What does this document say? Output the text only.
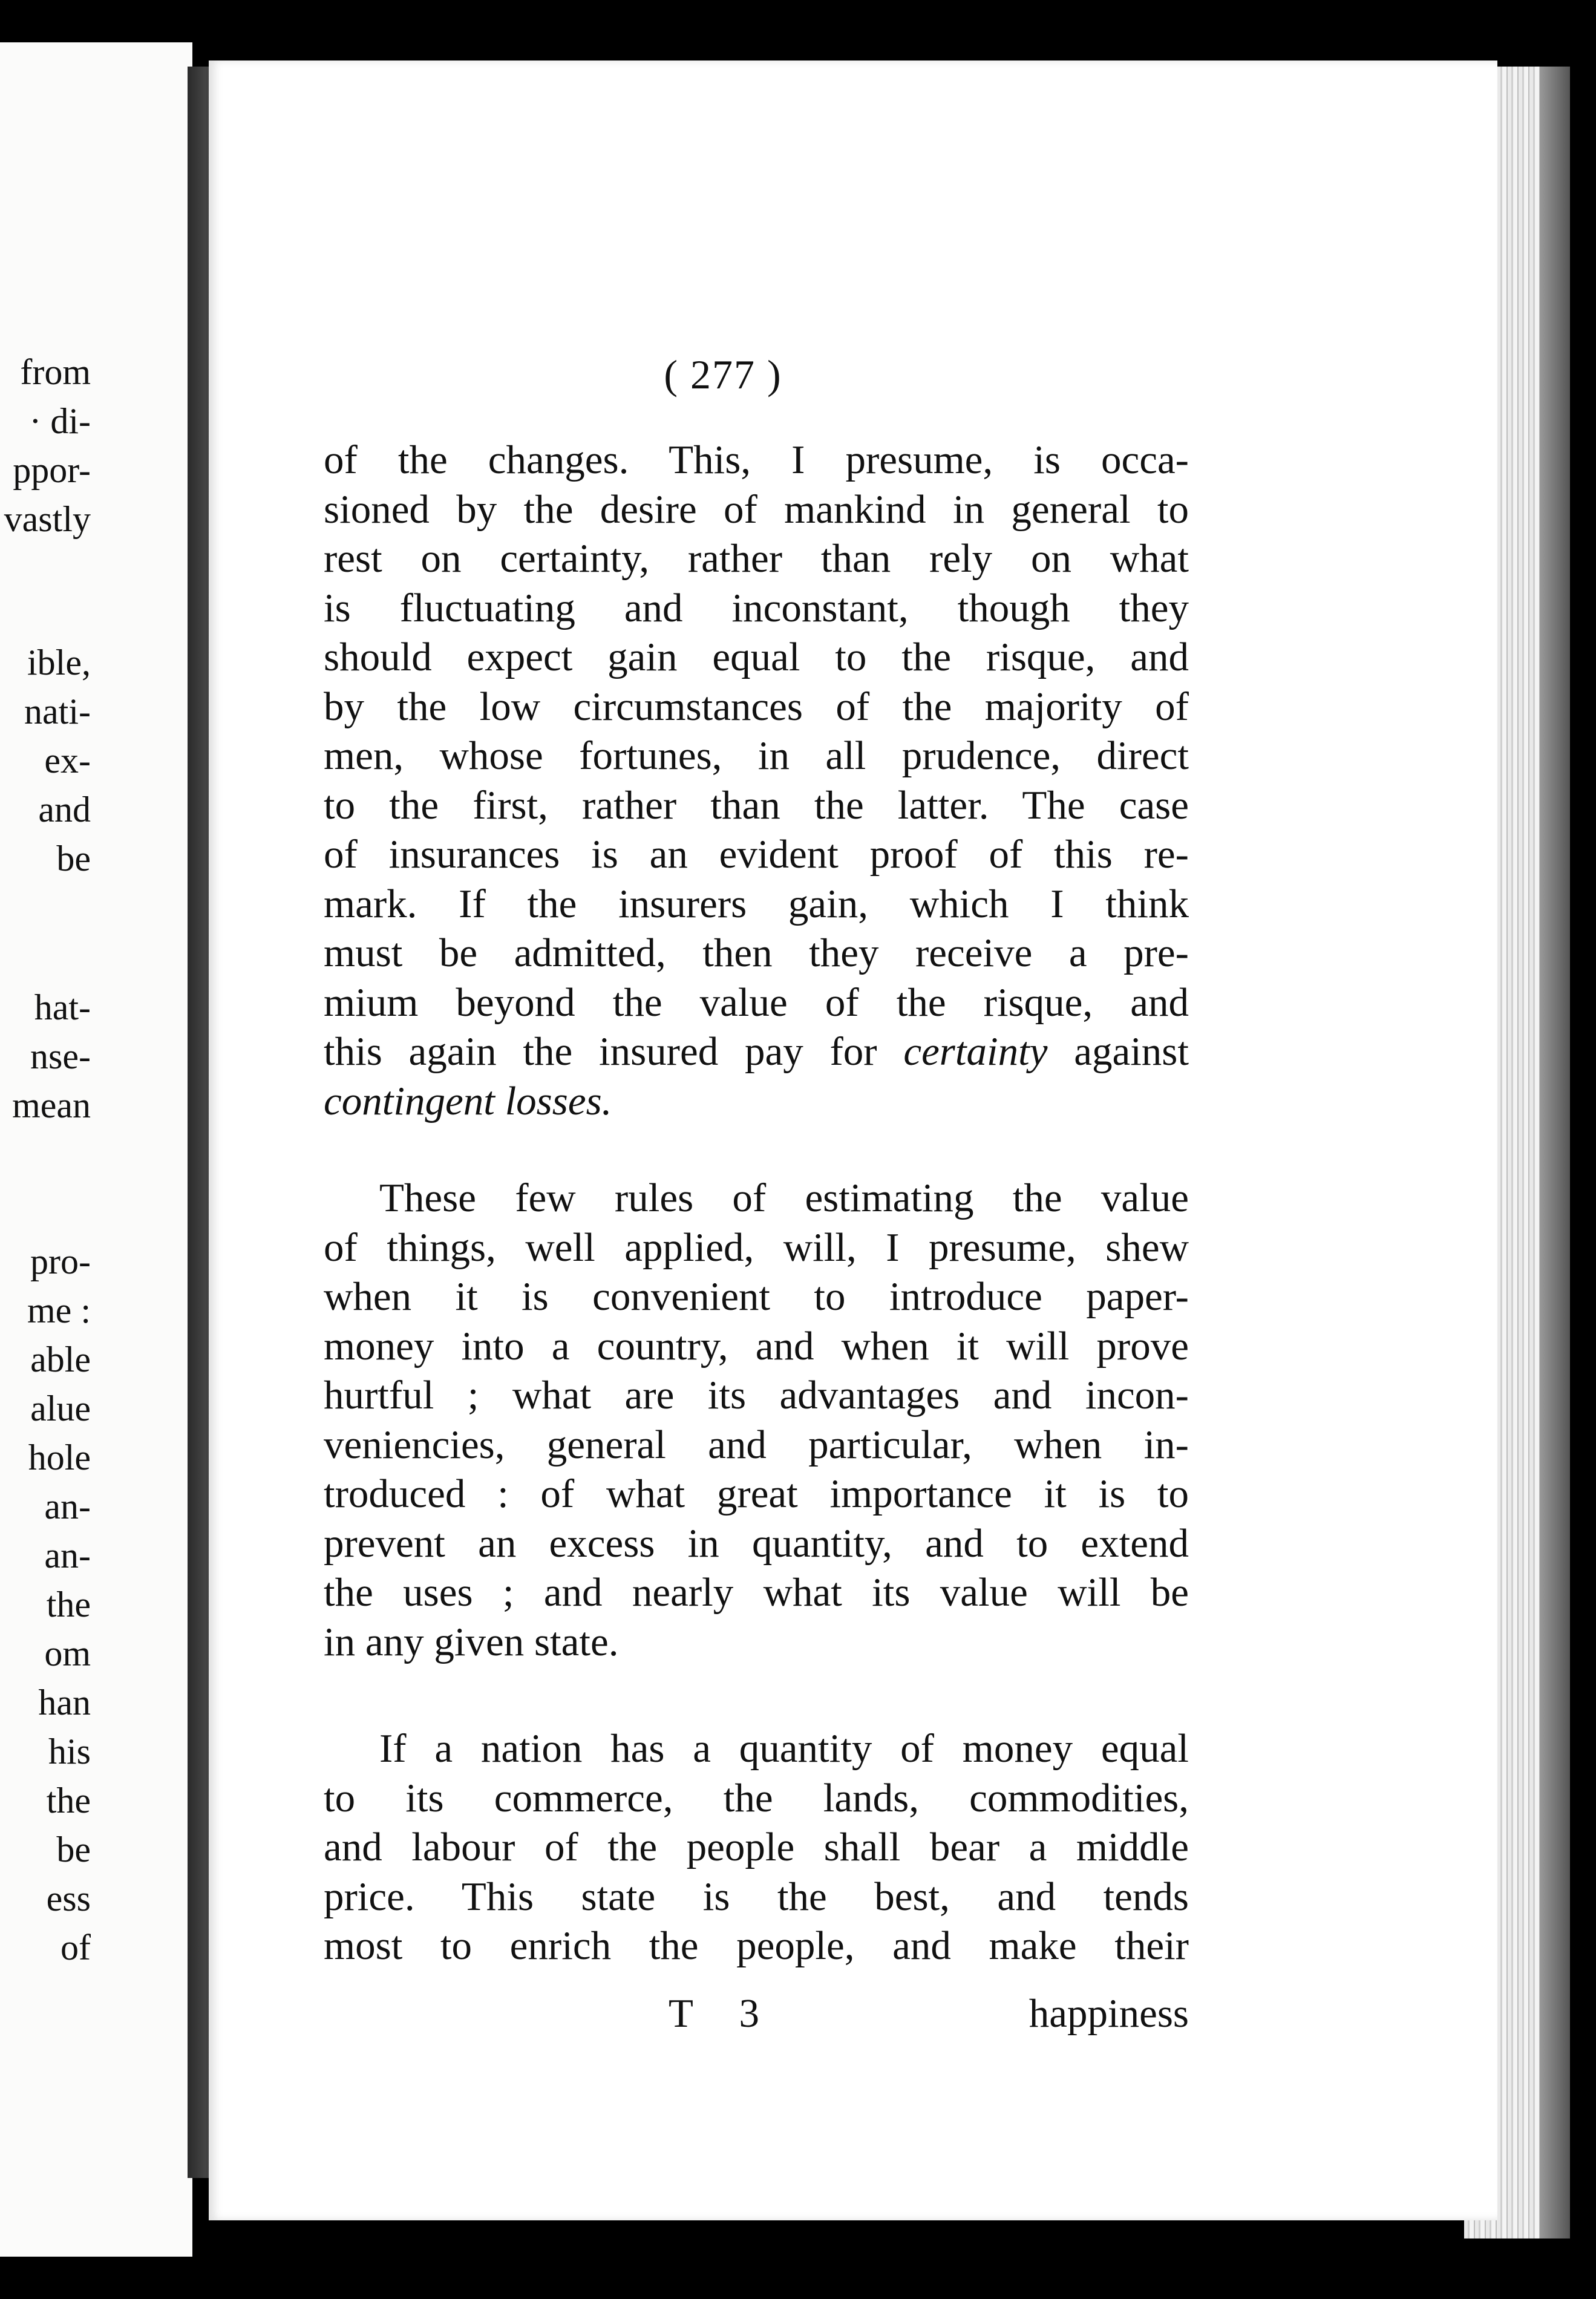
from
· di-
ppor-
vastly
ible,
nati-
ex-
and
be
hat-
nse-
mean
pro-
me :
able
alue
hole
an-
an-
the
om
han
his
the
be
ess
of
( 277 )
of the changes. This, I presume, is occa-
sioned by the desire of mankind in general to
rest on certainty, rather than rely on what
is fluctuating and inconstant, though they
should expect gain equal to the risque, and
by the low circumstances of the majority of
men, whose fortunes, in all prudence, direct
to the first, rather than the latter. The case
of insurances is an evident proof of this re-
mark. If the insurers gain, which I think
must be admitted, then they receive a pre-
mium beyond the value of the risque, and
this again the insured pay for certainty against
contingent losses.
These few rules of estimating the value
of things, well applied, will, I presume, shew
when it is convenient to introduce paper-
money into a country, and when it will prove
hurtful ; what are its advantages and incon-
veniencies, general and particular, when in-
troduced : of what great importance it is to
prevent an excess in quantity, and to extend
the uses ; and nearly what its value will be
in any given state.
If a nation has a quantity of money equal
to its commerce, the lands, commodities,
and labour of the people shall bear a middle
price. This state is the best, and tends
most to enrich the people, and make their
T 3	happiness
